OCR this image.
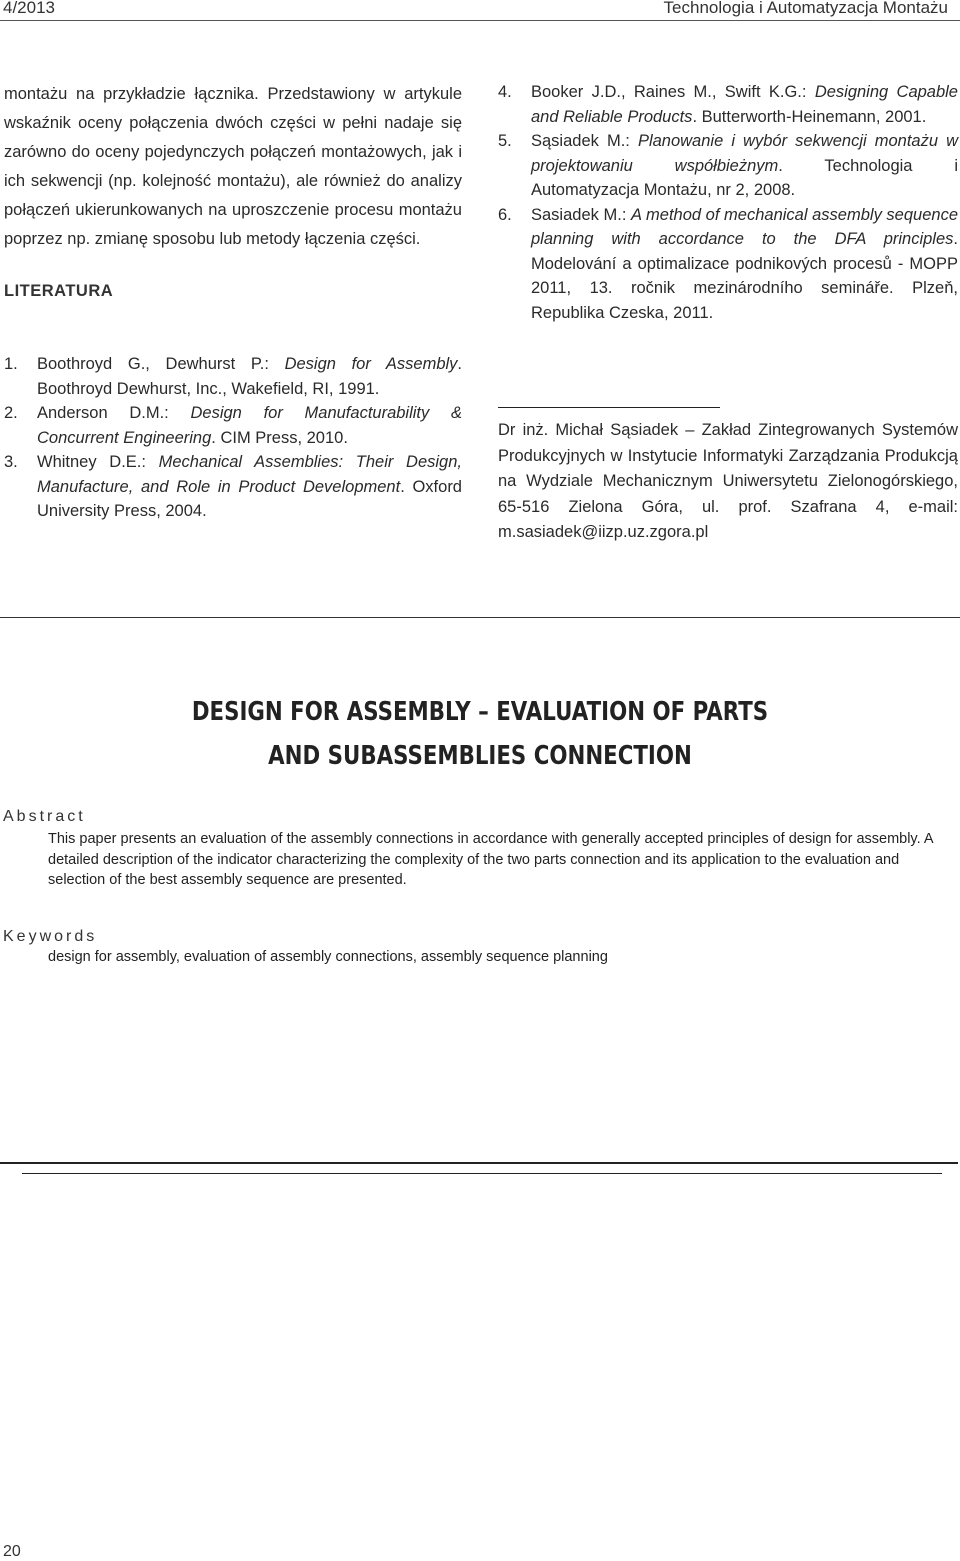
4/2013	Technologia i Automatyzacja Montażu

montażu na przykładzie łącznika. Przedstawiony w artykule wskaźnik oceny połączenia dwóch części w pełni nadaje się zarówno do oceny pojedynczych połączeń montażowych, jak i ich sekwencji (np. kolejność montażu), ale również do analizy połączeń ukierunkowanych na uproszczenie procesu montażu poprzez np. zmianę sposobu lub metody łączenia części.

LITERATURA
1. Boothroyd G., Dewhurst P.: Design for Assembly. Boothroyd Dewhurst, Inc., Wakefield, RI, 1991.
2. Anderson D.M.: Design for Manufacturability & Concurrent Engineering. CIM Press, 2010.
3. Whitney D.E.: Mechanical Assemblies: Their Design, Manufacture, and Role in Product Development. Oxford University Press, 2004.
4. Booker J.D., Raines M., Swift K.G.: Designing Capable and Reliable Products. Butterworth-Heinemann, 2001.
5. Sąsiadek M.: Planowanie i wybór sekwencji montażu w projektowaniu współbieżnym. Technologia i Automatyzacja Montażu, nr 2, 2008.
6. Sasiadek M.: A method of mechanical assembly sequence planning with accordance to the DFA principles. Modelování a optimalizace podnikových procesů - MOPP 2011, 13. ročnik mezinárodního semináře. Plzeň, Republika Czeska, 2011.

Dr inż. Michał Sąsiadek – Zakład Zintegrowanych Systemów Produkcyjnych w Instytucie Informatyki Zarządzania Produkcją na Wydziale Mechanicznym Uniwersytetu Zielonogórskiego, 65-516 Zielona Góra, ul. prof. Szafrana 4, e-mail: m.sasiadek@iizp.uz.zgora.pl

DESIGN FOR ASSEMBLY – EVALUATION OF PARTS
AND SUBASSEMBLIES CONNECTION
Abstract

This paper presents an evaluation of the assembly connections in accordance with generally accepted principles of design for assembly. A detailed description of the indicator characterizing the complexity of the two parts connection and its application to the evaluation and selection of the best assembly sequence are presented.

Keywords

design for assembly, evaluation of assembly connections, assembly sequence planning

20
